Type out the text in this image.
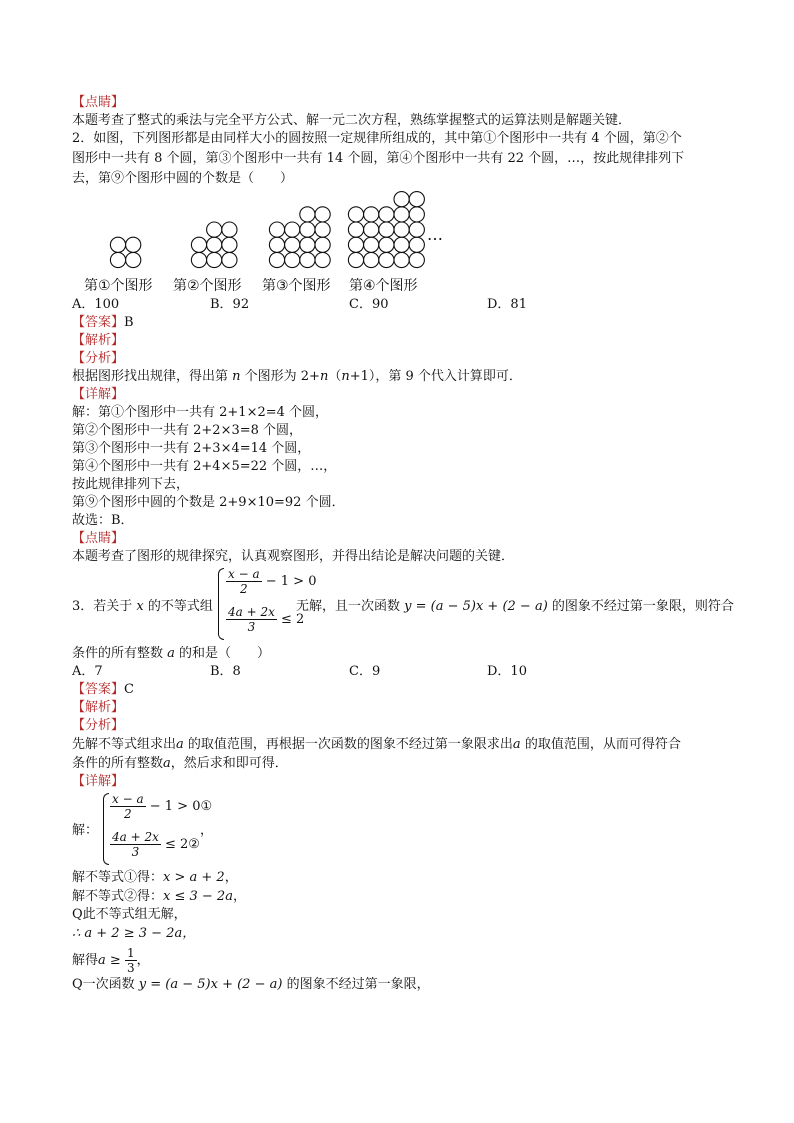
【点睛】
本题考查了整式的乘法与完全平方公式、解一元二次方程，熟练掌握整式的运算法则是解题关键．
2．如图，下列图形都是由同样大小的圆按照一定规律所组成的，其中第①个图形中一共有 4 个圆，第②个
图形中一共有 8 个圆，第③个图形中一共有 14 个圆，第④个图形中一共有 22 个圆，…，按此规律排列下
去，第⑨个图形中圆的个数是（　　）
…
第①个图形 第②个图形 第③个图形 第④个图形
A．100	B．92	C．90	D．81
【答案】B
【解析】
【分析】
根据图形找出规律，得出第 n 个图形为 2+n（n+1），第 9 个代入计算即可．
【详解】
解：第①个图形中一共有 2+1×2=4 个圆，
第②个图形中一共有 2+2×3=8 个圆，
第③个图形中一共有 2+3×4=14 个圆，
第④个图形中一共有 2+4×5=22 个圆，…，
按此规律排列下去，
第⑨个图形中圆的个数是 2+9×10=92 个圆．
故选：B．
【点睛】
本题考查了图形的规律探究，认真观察图形，并得出结论是解决问题的关键．
3．若关于 x 的不等式组
$\frac{x - a}{2} - 1 > 0$
$\frac{4a + 2x}{3} \le 2$
无解，且一次函数 y = (a − 5)x + (2 − a) 的图象不经过第一象限，则符合
条件的所有整数 a 的和是（　　）
A．7	B．8	C．9	D．10
【答案】C
【解析】
【分析】
先解不等式组求出a 的取值范围，再根据一次函数的图象不经过第一象限求出a 的取值范围，从而可得符合
条件的所有整数a，然后求和即可得．
【详解】
解：
$\frac{x - a}{2} - 1$ > 0①
$\frac{4a + 2x}{3}$ ≤ 2②
，
解不等式①得：x > a + 2，
解不等式②得：x ≤ 3 − 2a，
Q此不等式组无解，
∴ a + 2 ≥ 3 − 2a，
解得$a \ge \frac{1}{3}$ ，
Q一次函数 y = (a − 5)x + (2 − a) 的图象不经过第一象限，
